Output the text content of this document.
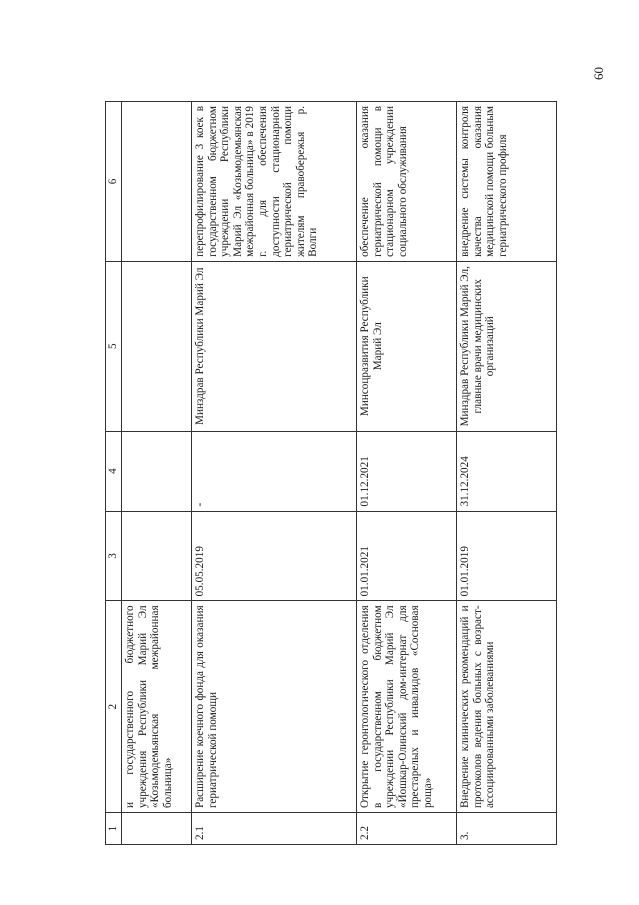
60
1	2	3	4	5	6
	и государственного бюджетного учреждения Республики Марий Эл «Козьмодемьянская межрайонная больница»				
2.1	Расширение коечного фонда для оказания гериатрической помощи	05.05.2019	-	Минздрав Республики Марий Эл	перепрофилирование 3 коек в государственном бюджетном учреждении Республики Марий Эл «Козьмодемьянская межрайонная больница» в 2019 г. для обеспечения доступности стационарной гериатрической помощи жителям правобережья р. Волги
2.2	Открытие геронтологического отделения в государственном бюджетном учреждении Республики Марий Эл «Йошкар-Олинский дом-интернат для престарелых и инвалидов «Сосновая роща»	01.01.2021	01.12.2021	Минсоцразвития Республики Марий Эл	обеспечение оказания гериатрической помощи в стационарном учреждении социального обслуживания
3.	Внедрение клинических рекомендаций и протоколов ведения больных с возраст-ассоциированными заболеваниями	01.01.2019	31.12.2024	Минздрав Республики Марий Эл, главные врачи медицинских организаций	внедрение системы контроля качества оказания медицинской помощи больным гериатрического профиля
